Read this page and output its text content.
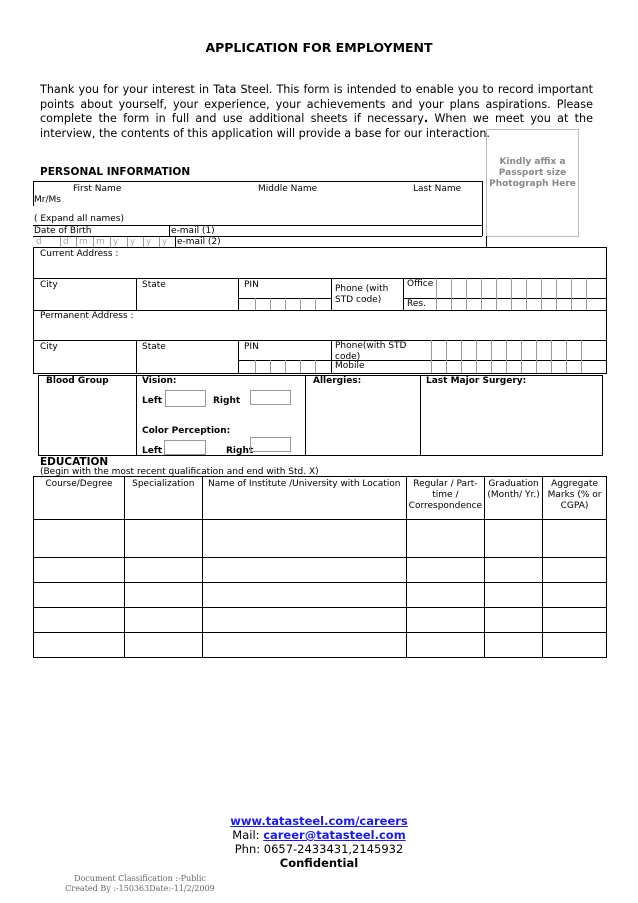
APPLICATION FOR EMPLOYMENT
Thank you for your interest in Tata Steel. This form is intended to enable you to record important points about yourself, your experience, your achievements and your plans aspirations. Please complete the form in full and use additional sheets if necessary. When we meet you at the interview, the contents of this application will provide a base for our interaction.
Kindly affix a Passport size Photograph Here
PERSONAL INFORMATION
First Name	Middle Name	Last Name
Mr/Ms
( Expand all names)
Date of Birth	e-mail (1)
d d m m y y y y e-mail (2)
Current Address :
City	State	PIN	Phone (with STD code)
Office
Res.
Permanent Address :
City	State	PIN	Phone(with STD code)
Mobile
Blood Group	Vision:
Left	Right
Color Perception:
Left	Right
Allergies:	Last Major Surgery:
EDUCATION
(Begin with the most recent qualification and end with Std. X)
Course/Degree	Specialization	Name of Institute /University with Location	Regular / Part-time / Correspondence	Graduation (Month/ Yr.)	Aggregate Marks (% or CGPA)

www.tatasteel.com/careers
Mail: career@tatasteel.com
Phn: 0657-2433431,2145932
Confidential
Document Classification :-Public
Created By :-150363Date:-11/2/2009
